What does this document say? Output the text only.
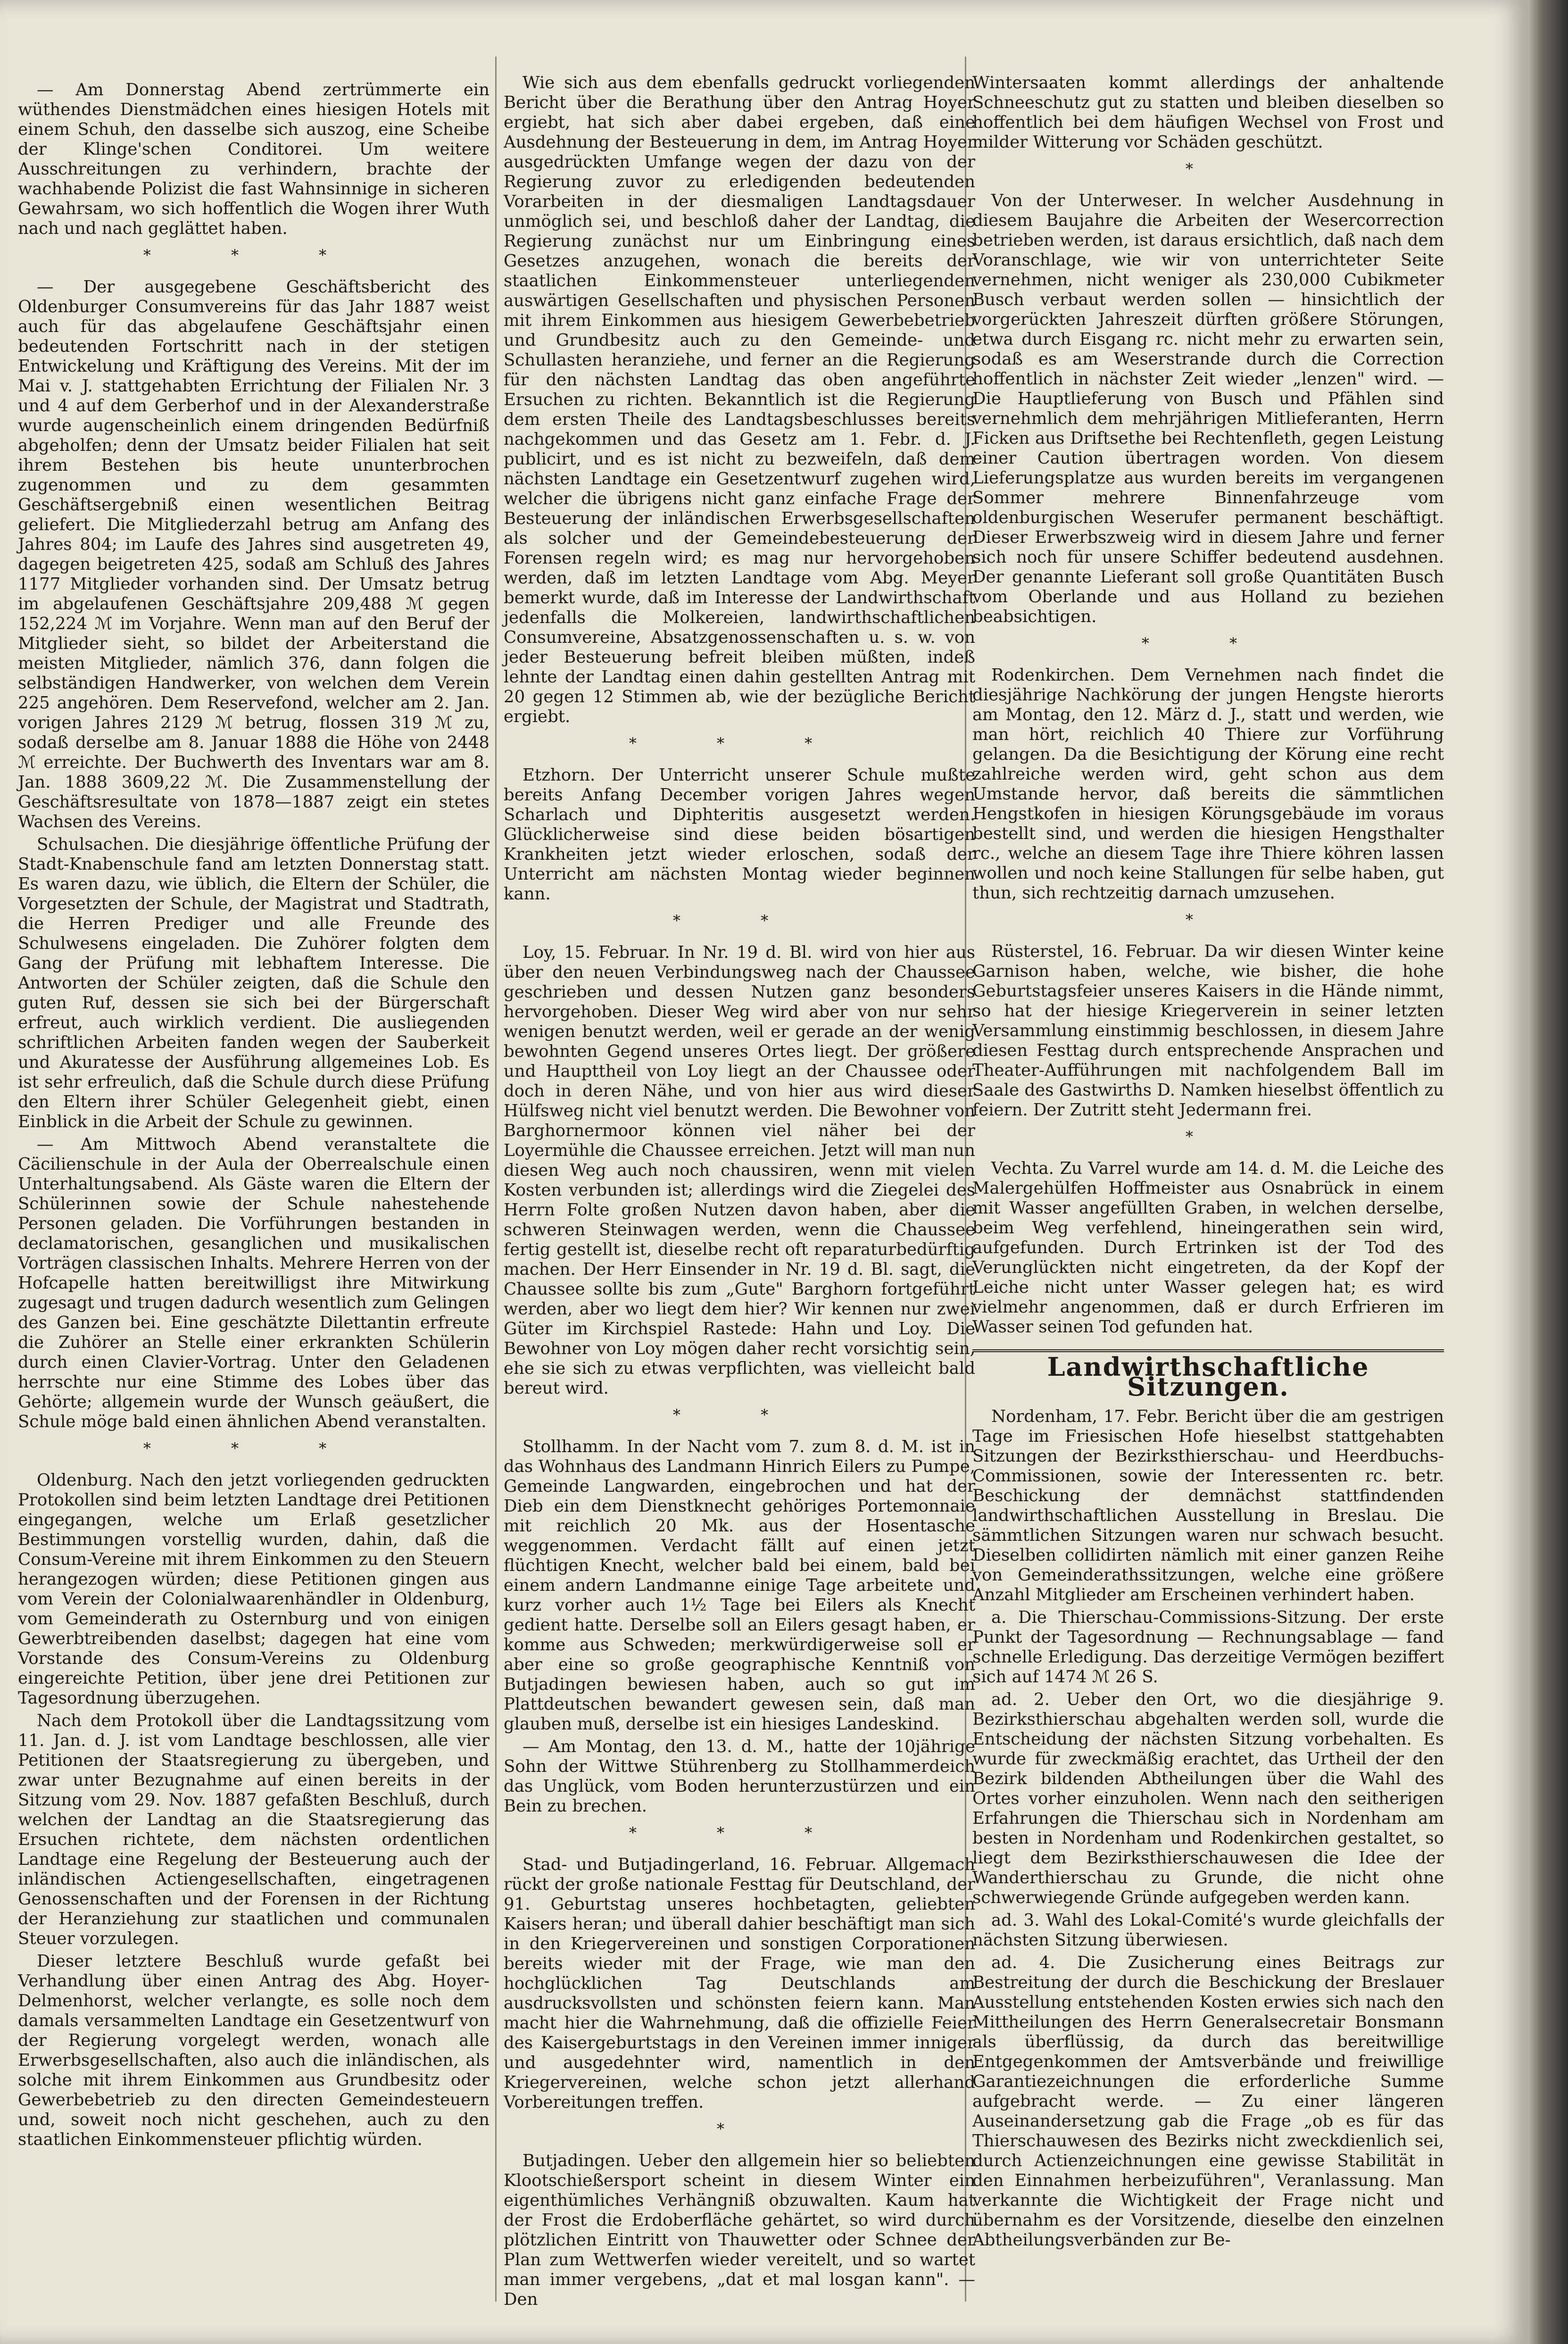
— Am Donnerstag Abend zertrümmerte ein wüthendes Dienstmädchen eines hiesigen Hotels mit einem Schuh, den dasselbe sich auszog, eine Scheibe der Klinge'schen Conditorei. Um weitere Ausschreitungen zu verhindern, brachte der wachhabende Polizist die fast Wahnsinnige in sicheren Gewahrsam, wo sich hoffentlich die Wogen ihrer Wuth nach und nach geglättet haben.

* * *

— Der ausgegebene Geschäftsbericht des Oldenburger Consumvereins für das Jahr 1887 weist auch für das abgelaufene Geschäftsjahr einen bedeutenden Fortschritt nach in der stetigen Entwickelung und Kräftigung des Vereins. Mit der im Mai v. J. stattgehabten Errichtung der Filialen Nr. 3 und 4 auf dem Gerberhof und in der Alexanderstraße wurde augenscheinlich einem dringenden Bedürfniß abgeholfen; denn der Umsatz beider Filialen hat seit ihrem Bestehen bis heute ununterbrochen zugenommen und zu dem gesammten Geschäftsergebniß einen wesentlichen Beitrag geliefert. Die Mitgliederzahl betrug am Anfang des Jahres 804; im Laufe des Jahres sind ausgetreten 49, dagegen beigetreten 425, sodaß am Schluß des Jahres 1177 Mitglieder vorhanden sind. Der Umsatz betrug im abgelaufenen Geschäftsjahre 209,488 ℳ gegen 152,224 ℳ im Vorjahre. Wenn man auf den Beruf der Mitglieder sieht, so bildet der Arbeiterstand die meisten Mitglieder, nämlich 376, dann folgen die selbständigen Handwerker, von welchen dem Verein 225 angehören. Dem Reservefond, welcher am 2. Jan. vorigen Jahres 2129 ℳ betrug, flossen 319 ℳ zu, sodaß derselbe am 8. Januar 1888 die Höhe von 2448 ℳ erreichte. Der Buchwerth des Inventars war am 8. Jan. 1888 3609,22 ℳ. Die Zusammenstellung der Geschäftsresultate von 1878—1887 zeigt ein stetes Wachsen des Vereins.

Schulsachen. Die diesjährige öffentliche Prüfung der Stadt-Knabenschule fand am letzten Donnerstag statt. Es waren dazu, wie üblich, die Eltern der Schüler, die Vorgesetzten der Schule, der Magistrat und Stadtrath, die Herren Prediger und alle Freunde des Schulwesens eingeladen. Die Zuhörer folgten dem Gang der Prüfung mit lebhaftem Interesse. Die Antworten der Schüler zeigten, daß die Schule den guten Ruf, dessen sie sich bei der Bürgerschaft erfreut, auch wirklich verdient. Die ausliegenden schriftlichen Arbeiten fanden wegen der Sauberkeit und Akuratesse der Ausführung allgemeines Lob. Es ist sehr erfreulich, daß die Schule durch diese Prüfung den Eltern ihrer Schüler Gelegenheit giebt, einen Einblick in die Arbeit der Schule zu gewinnen.

— Am Mittwoch Abend veranstaltete die Cäcilienschule in der Aula der Oberrealschule einen Unterhaltungsabend. Als Gäste waren die Eltern der Schülerinnen sowie der Schule nahestehende Personen geladen. Die Vorführungen bestanden in declamatorischen, gesanglichen und musikalischen Vorträgen classischen Inhalts. Mehrere Herren von der Hofcapelle hatten bereitwilligst ihre Mitwirkung zugesagt und trugen dadurch wesentlich zum Gelingen des Ganzen bei. Eine geschätzte Dilettantin erfreute die Zuhörer an Stelle einer erkrankten Schülerin durch einen Clavier-Vortrag. Unter den Geladenen herrschte nur eine Stimme des Lobes über das Gehörte; allgemein wurde der Wunsch geäußert, die Schule möge bald einen ähnlichen Abend veranstalten.

* * *

Oldenburg. Nach den jetzt vorliegenden gedruckten Protokollen sind beim letzten Landtage drei Petitionen eingegangen, welche um Erlaß gesetzlicher Bestimmungen vorstellig wurden, dahin, daß die Consum-Vereine mit ihrem Einkommen zu den Steuern herangezogen würden; diese Petitionen gingen aus vom Verein der Colonialwaarenhändler in Oldenburg, vom Gemeinderath zu Osternburg und von einigen Gewerbtreibenden daselbst; dagegen hat eine vom Vorstande des Consum-Vereins zu Oldenburg eingereichte Petition, über jene drei Petitionen zur Tagesordnung überzugehen.

Nach dem Protokoll über die Landtagssitzung vom 11. Jan. d. J. ist vom Landtage beschlossen, alle vier Petitionen der Staatsregierung zu übergeben, und zwar unter Bezugnahme auf einen bereits in der Sitzung vom 29. Nov. 1887 gefaßten Beschluß, durch welchen der Landtag an die Staatsregierung das Ersuchen richtete, dem nächsten ordentlichen Landtage eine Regelung der Besteuerung auch der inländischen Actiengesellschaften, eingetragenen Genossenschaften und der Forensen in der Richtung der Heranziehung zur staatlichen und communalen Steuer vorzulegen.

Dieser letztere Beschluß wurde gefaßt bei Verhandlung über einen Antrag des Abg. Hoyer-Delmenhorst, welcher verlangte, es solle noch dem damals versammelten Landtage ein Gesetzentwurf von der Regierung vorgelegt werden, wonach alle Erwerbsgesellschaften, also auch die inländischen, als solche mit ihrem Einkommen aus Grundbesitz oder Gewerbebetrieb zu den directen Gemeindesteuern und, soweit noch nicht geschehen, auch zu den staatlichen Einkommensteuer pflichtig würden.

Wie sich aus dem ebenfalls gedruckt vorliegenden Bericht über die Berathung über den Antrag Hoyer ergiebt, hat sich aber dabei ergeben, daß eine Ausdehnung der Besteuerung in dem, im Antrag Hoyer ausgedrückten Umfange wegen der dazu von der Regierung zuvor zu erledigenden bedeutenden Vorarbeiten in der diesmaligen Landtagsdauer unmöglich sei, und beschloß daher der Landtag, die Regierung zunächst nur um Einbringung eines Gesetzes anzugehen, wonach die bereits der staatlichen Einkommensteuer unterliegenden auswärtigen Gesellschaften und physischen Personen mit ihrem Einkommen aus hiesigem Gewerbebetrieb und Grundbesitz auch zu den Gemeinde- und Schullasten heranziehe, und ferner an die Regierung für den nächsten Landtag das oben angeführte Ersuchen zu richten. Bekanntlich ist die Regierung dem ersten Theile des Landtagsbeschlusses bereits nachgekommen und das Gesetz am 1. Febr. d. J. publicirt, und es ist nicht zu bezweifeln, daß dem nächsten Landtage ein Gesetzentwurf zugehen wird, welcher die übrigens nicht ganz einfache Frage der Besteuerung der inländischen Erwerbsgesellschaften als solcher und der Gemeindebesteuerung der Forensen regeln wird; es mag nur hervorgehoben werden, daß im letzten Landtage vom Abg. Meyer bemerkt wurde, daß im Interesse der Landwirthschaft jedenfalls die Molkereien, landwirthschaftlichen Consumvereine, Absatzgenossenschaften u. s. w. von jeder Besteuerung befreit bleiben müßten, indeß lehnte der Landtag einen dahin gestellten Antrag mit 20 gegen 12 Stimmen ab, wie der bezügliche Bericht ergiebt.

* * *

Etzhorn. Der Unterricht unserer Schule mußte bereits Anfang December vorigen Jahres wegen Scharlach und Diphteritis ausgesetzt werden. Glücklicherweise sind diese beiden bösartigen Krankheiten jetzt wieder erloschen, sodaß der Unterricht am nächsten Montag wieder beginnen kann.

* *

Loy, 15. Februar. In Nr. 19 d. Bl. wird von hier aus über den neuen Verbindungsweg nach der Chaussee geschrieben und dessen Nutzen ganz besonders hervorgehoben. Dieser Weg wird aber von nur sehr wenigen benutzt werden, weil er gerade an der wenig bewohnten Gegend unseres Ortes liegt. Der größere und Haupttheil von Loy liegt an der Chaussee oder doch in deren Nähe, und von hier aus wird dieser Hülfsweg nicht viel benutzt werden. Die Bewohner von Barghornermoor können viel näher bei der Loyermühle die Chaussee erreichen. Jetzt will man nun diesen Weg auch noch chaussiren, wenn mit vielen Kosten verbunden ist; allerdings wird die Ziegelei des Herrn Folte großen Nutzen davon haben, aber die schweren Steinwagen werden, wenn die Chaussee fertig gestellt ist, dieselbe recht oft reparaturbedürftig machen. Der Herr Einsender in Nr. 19 d. Bl. sagt, die Chaussee sollte bis zum „Gute" Barghorn fortgeführt werden, aber wo liegt dem hier? Wir kennen nur zwei Güter im Kirchspiel Rastede: Hahn und Loy. Die Bewohner von Loy mögen daher recht vorsichtig sein, ehe sie sich zu etwas verpflichten, was vielleicht bald bereut wird.

* *

Stollhamm. In der Nacht vom 7. zum 8. d. M. ist in das Wohnhaus des Landmann Hinrich Eilers zu Pumpe, Gemeinde Langwarden, eingebrochen und hat der Dieb ein dem Dienstknecht gehöriges Portemonnaie mit reichlich 20 Mk. aus der Hosentasche weggenommen. Verdacht fällt auf einen jetzt flüchtigen Knecht, welcher bald bei einem, bald bei einem andern Landmanne einige Tage arbeitete und kurz vorher auch 1½ Tage bei Eilers als Knecht gedient hatte. Derselbe soll an Eilers gesagt haben, er komme aus Schweden; merkwürdigerweise soll er aber eine so große geographische Kenntniß von Butjadingen bewiesen haben, auch so gut im Plattdeutschen bewandert gewesen sein, daß man glauben muß, derselbe ist ein hiesiges Landeskind.

— Am Montag, den 13. d. M., hatte der 10jährige Sohn der Wittwe Stührenberg zu Stollhammerdeich das Unglück, vom Boden herunterzustürzen und ein Bein zu brechen.

* * *

Stad- und Butjadingerland, 16. Februar. Allgemach rückt der große nationale Festtag für Deutschland, der 91. Geburtstag unseres hochbetagten, geliebten Kaisers heran; und überall dahier beschäftigt man sich in den Kriegervereinen und sonstigen Corporationen bereits wieder mit der Frage, wie man den hochglücklichen Tag Deutschlands am ausdrucksvollsten und schönsten feiern kann. Man macht hier die Wahrnehmung, daß die offizielle Feier des Kaisergeburtstags in den Vereinen immer inniger und ausgedehnter wird, namentlich in den Kriegervereinen, welche schon jetzt allerhand Vorbereitungen treffen.

*

Butjadingen. Ueber den allgemein hier so beliebten Klootschießersport scheint in diesem Winter ein eigenthümliches Verhängniß obzuwalten. Kaum hat der Frost die Erdoberfläche gehärtet, so wird durch plötzlichen Eintritt von Thauwetter oder Schnee der Plan zum Wettwerfen wieder vereitelt, und so wartet man immer vergebens, „dat et mal losgan kann". — Den

Wintersaaten kommt allerdings der anhaltende Schneeschutz gut zu statten und bleiben dieselben so hoffentlich bei dem häufigen Wechsel von Frost und milder Witterung vor Schäden geschützt.

*

Von der Unterweser. In welcher Ausdehnung in diesem Baujahre die Arbeiten der Wesercorrection betrieben werden, ist daraus ersichtlich, daß nach dem Voranschlage, wie wir von unterrichteter Seite vernehmen, nicht weniger als 230,000 Cubikmeter Busch verbaut werden sollen — hinsichtlich der vorgerückten Jahreszeit dürften größere Störungen, etwa durch Eisgang rc. nicht mehr zu erwarten sein, sodaß es am Weserstrande durch die Correction hoffentlich in nächster Zeit wieder „lenzen" wird. — Die Hauptlieferung von Busch und Pfählen sind vernehmlich dem mehrjährigen Mitlieferanten, Herrn Ficken aus Driftsethe bei Rechtenfleth, gegen Leistung einer Caution übertragen worden. Von diesem Lieferungsplatze aus wurden bereits im vergangenen Sommer mehrere Binnenfahrzeuge vom oldenburgischen Weserufer permanent beschäftigt. Dieser Erwerbszweig wird in diesem Jahre und ferner sich noch für unsere Schiffer bedeutend ausdehnen. Der genannte Lieferant soll große Quantitäten Busch vom Oberlande und aus Holland zu beziehen beabsichtigen.

* *

Rodenkirchen. Dem Vernehmen nach findet die diesjährige Nachkörung der jungen Hengste hierorts am Montag, den 12. März d. J., statt und werden, wie man hört, reichlich 40 Thiere zur Vorführung gelangen. Da die Besichtigung der Körung eine recht zahlreiche werden wird, geht schon aus dem Umstande hervor, daß bereits die sämmtlichen Hengstkofen in hiesigen Körungsgebäude im voraus bestellt sind, und werden die hiesigen Hengsthalter rc., welche an diesem Tage ihre Thiere köhren lassen wollen und noch keine Stallungen für selbe haben, gut thun, sich rechtzeitig darnach umzusehen.

*

Rüsterstel, 16. Februar. Da wir diesen Winter keine Garnison haben, welche, wie bisher, die hohe Geburtstagsfeier unseres Kaisers in die Hände nimmt, so hat der hiesige Kriegerverein in seiner letzten Versammlung einstimmig beschlossen, in diesem Jahre diesen Festtag durch entsprechende Ansprachen und Theater-Aufführungen mit nachfolgendem Ball im Saale des Gastwirths D. Namken hieselbst öffentlich zu feiern. Der Zutritt steht Jedermann frei.

*

Vechta. Zu Varrel wurde am 14. d. M. die Leiche des Malergehülfen Hoffmeister aus Osnabrück in einem mit Wasser angefüllten Graben, in welchen derselbe, beim Weg verfehlend, hineingerathen sein wird, aufgefunden. Durch Ertrinken ist der Tod des Verunglückten nicht eingetreten, da der Kopf der Leiche nicht unter Wasser gelegen hat; es wird vielmehr angenommen, daß er durch Erfrieren im Wasser seinen Tod gefunden hat.

Landwirthschaftliche Sitzungen.

Nordenham, 17. Febr. Bericht über die am gestrigen Tage im Friesischen Hofe hieselbst stattgehabten Sitzungen der Bezirksthierschau- und Heerdbuchs-Commissionen, sowie der Interessenten rc. betr. Beschickung der demnächst stattfindenden landwirthschaftlichen Ausstellung in Breslau. Die sämmtlichen Sitzungen waren nur schwach besucht. Dieselben collidirten nämlich mit einer ganzen Reihe von Gemeinderathssitzungen, welche eine größere Anzahl Mitglieder am Erscheinen verhindert haben.

a. Die Thierschau-Commissions-Sitzung. Der erste Punkt der Tagesordnung — Rechnungsablage — fand schnelle Erledigung. Das derzeitige Vermögen beziffert sich auf 1474 ℳ 26 S.

ad. 2. Ueber den Ort, wo die diesjährige 9. Bezirksthierschau abgehalten werden soll, wurde die Entscheidung der nächsten Sitzung vorbehalten. Es wurde für zweckmäßig erachtet, das Urtheil der den Bezirk bildenden Abtheilungen über die Wahl des Ortes vorher einzuholen. Wenn nach den seitherigen Erfahrungen die Thierschau sich in Nordenham am besten in Nordenham und Rodenkirchen gestaltet, so liegt dem Bezirksthierschauwesen die Idee der Wanderthierschau zu Grunde, die nicht ohne schwerwiegende Gründe aufgegeben werden kann.

ad. 3. Wahl des Lokal-Comité's wurde gleichfalls der nächsten Sitzung überwiesen.

ad. 4. Die Zusicherung eines Beitrags zur Bestreitung der durch die Beschickung der Breslauer Ausstellung entstehenden Kosten erwies sich nach den Mittheilungen des Herrn Generalsecretair Bonsmann als überflüssig, da durch das bereitwillige Entgegenkommen der Amtsverbände und freiwillige Garantiezeichnungen die erforderliche Summe aufgebracht werde. — Zu einer längeren Auseinandersetzung gab die Frage „ob es für das Thierschauwesen des Bezirks nicht zweckdienlich sei, durch Actienzeichnungen eine gewisse Stabilität in den Einnahmen herbeizuführen", Veranlassung. Man verkannte die Wichtigkeit der Frage nicht und übernahm es der Vorsitzende, dieselbe den einzelnen Abtheilungsverbänden zur Be-
